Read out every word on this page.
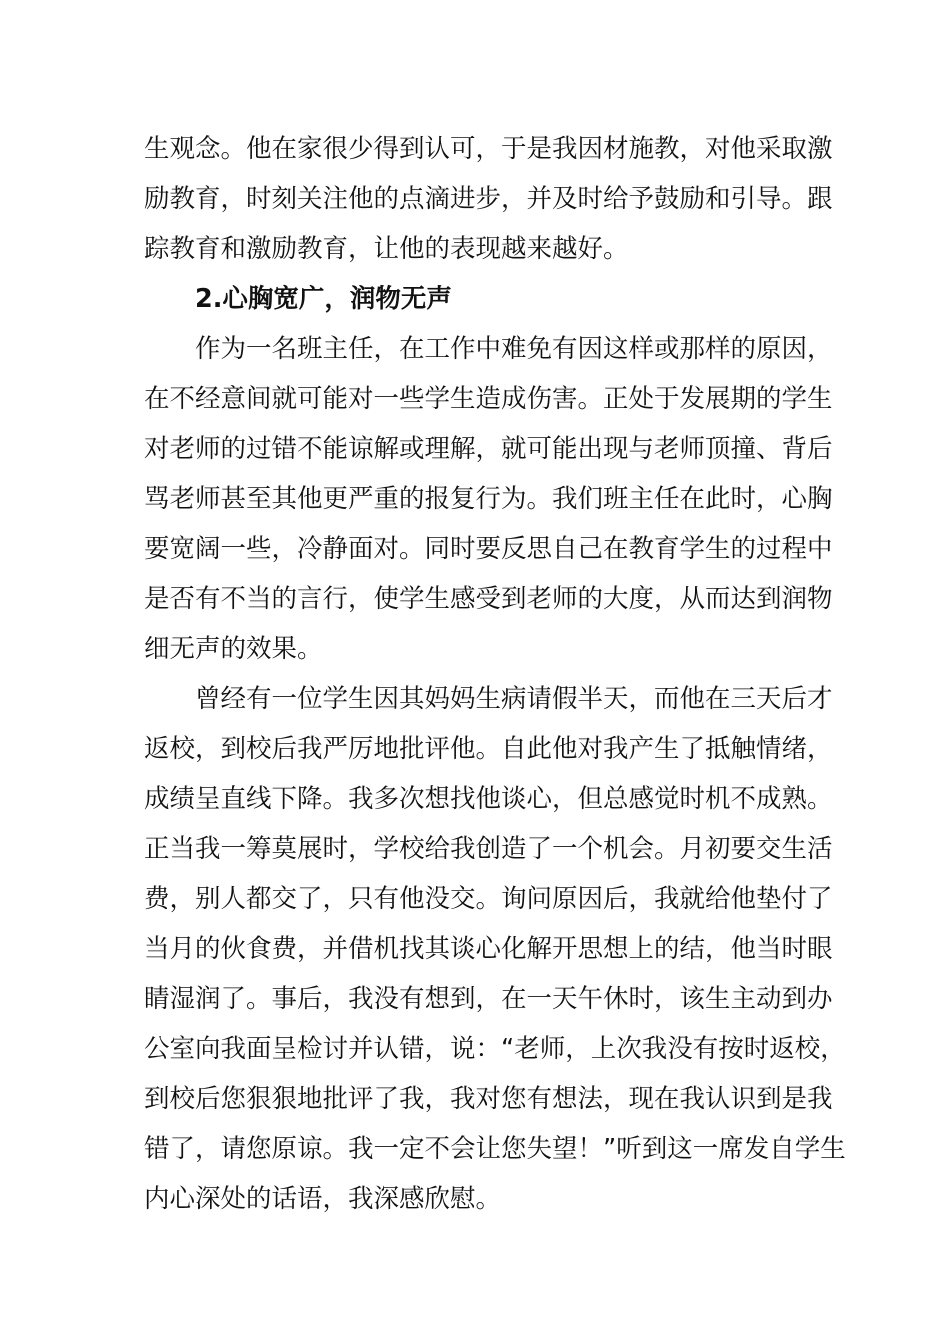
生观念。他在家很少得到认可，于是我因材施教，对他采取激
励教育，时刻关注他的点滴进步，并及时给予鼓励和引导。跟
踪教育和激励教育，让他的表现越来越好。

2.心胸宽广，润物无声

作为一名班主任，在工作中难免有因这样或那样的原因，
在不经意间就可能对一些学生造成伤害。正处于发展期的学生
对老师的过错不能谅解或理解，就可能出现与老师顶撞、背后
骂老师甚至其他更严重的报复行为。我们班主任在此时，心胸
要宽阔一些，冷静面对。同时要反思自己在教育学生的过程中
是否有不当的言行，使学生感受到老师的大度，从而达到润物
细无声的效果。

曾经有一位学生因其妈妈生病请假半天，而他在三天后才
返校，到校后我严厉地批评他。自此他对我产生了抵触情绪，
成绩呈直线下降。我多次想找他谈心，但总感觉时机不成熟。
正当我一筹莫展时，学校给我创造了一个机会。月初要交生活
费，别人都交了，只有他没交。询问原因后，我就给他垫付了
当月的伙食费，并借机找其谈心化解开思想上的结，他当时眼
睛湿润了。事后，我没有想到，在一天午休时，该生主动到办
公室向我面呈检讨并认错，说：“老师，上次我没有按时返校，
到校后您狠狠地批评了我，我对您有想法，现在我认识到是我
错了，请您原谅。我一定不会让您失望！”听到这一席发自学生
内心深处的话语，我深感欣慰。
